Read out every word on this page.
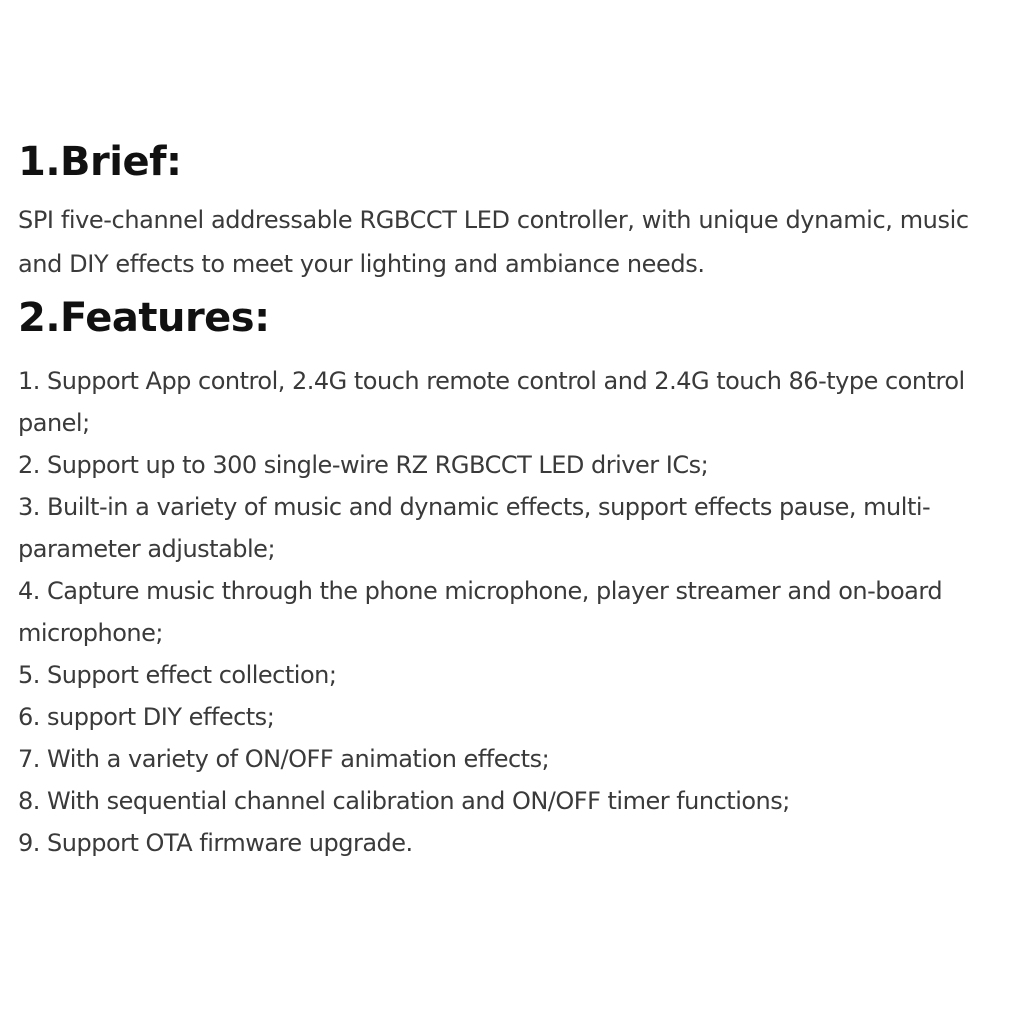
1.Brief:

SPI five-channel addressable RGBCCT LED controller, with unique dynamic, music and DIY effects to meet your lighting and ambiance needs.

2.Features:
1. Support App control, 2.4G touch remote control and 2.4G touch 86-type control panel;
2. Support up to 300 single-wire RZ RGBCCT LED driver ICs;
3. Built-in a variety of music and dynamic effects, support effects pause, multi-parameter adjustable;
4. Capture music through the phone microphone, player streamer and on-board microphone;
5. Support effect collection;
6. support DIY effects;
7. With a variety of ON/OFF animation effects;
8. With sequential channel calibration and ON/OFF timer functions;
9. Support OTA firmware upgrade.
